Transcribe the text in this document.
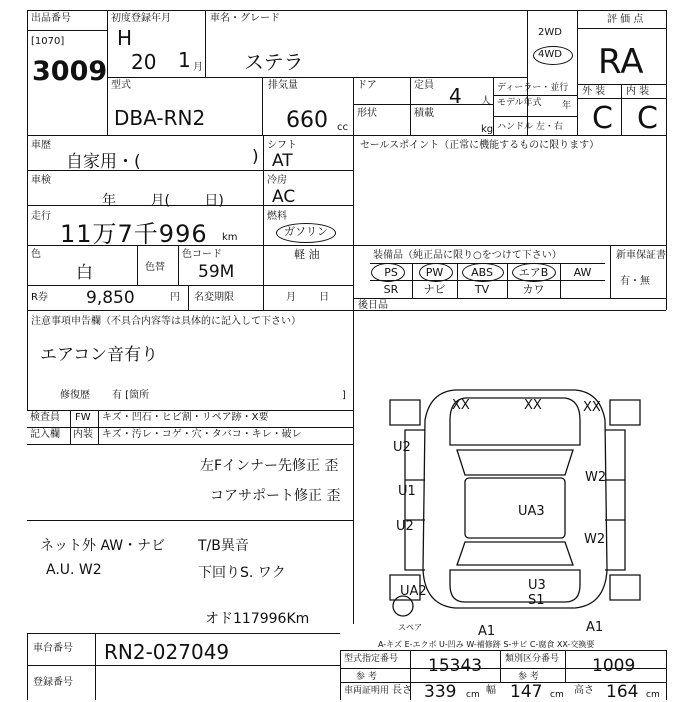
出品番号
[1070]
3009
初度登録年月
H
20 1 月
車名・グレード
ステラ
2WD
4WD
評 価 点
RA
型式
DBA-RN2
排気量
660 cc
ドア	定員 4 人
形状	積載
kg
ディーラー・並行
モデル年式	年
ハンドル 左・右
外 装 内 装
C C
車歴
自家用・(	)
車検
年 月( 日)
走行
11万7千996 km
色
白	色替
色コード
59M
R券 9,850	円 名変期限	月 日
シフト
AT
冷房
AC
燃料
ガソリン
軽 油
セールスポイント（正常に機能するものに限ります）
注意事項申告欄（不具合内容等は具体的に記入して下さい）
エアコン音有り
修復歴 有 [箇所	]
装備品（純正品に限り○をつけて下さい）	新車保証書
有・無
PS	PW	ABS	エアB	AW
SR	ナビ	TV	カワ
後日品
検査員
記入欄
FW キズ・凹石・ヒビ割・リペア跡・X要
内装 キズ・汚レ・コゲ・穴・タバコ・キレ・破レ
左Fインナー先修正 歪
コアサポート修正 歪
ネット外 AW・ナビ
A.U. W2
T/B異音
下回りS. ワク
オド117996Km
XX	XX	XX
U2
W2
U1
UA3
U2
W2
UA2	U3
S1
A1	A1
スペア
A-キズ E-エクボ U-凹み W-補修跡 S-サビ C-腐食 XX-交換要
車台番号 RN2-027049
登録番号
型式指定番号
参 考
15343	類別区分番号
参 考
1009
車両証明用 長さ 339 cm 幅 147 cm 高さ 164 cm
